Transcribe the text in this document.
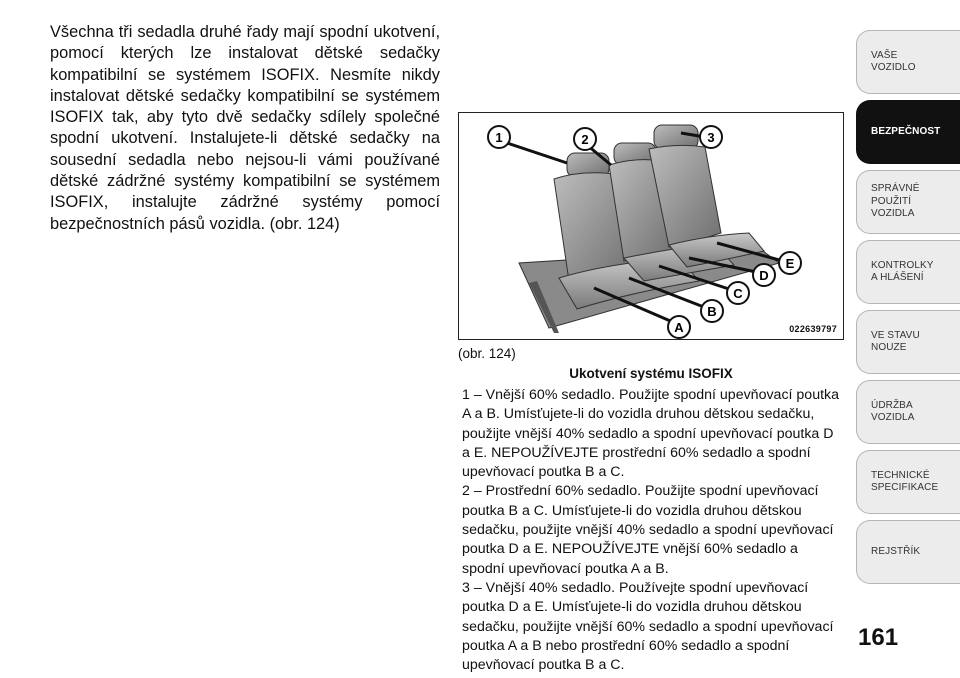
Všechna tři sedadla druhé řady mají spodní ukotvení, pomocí kterých lze instalovat dětské sedačky kompatibilní se systémem ISOFIX. Nesmíte nikdy instalovat dětské sedačky kompatibilní se systémem ISOFIX tak, aby tyto dvě sedačky sdílely společné spodní ukotvení. Instalujete-li dětské sedačky na sousední sedadla nebo nejsou-li vámi používané dětské zádržné systémy kompatibilní se systémem ISOFIX, instalujte zádržné systémy pomocí bezpečnostních pásů vozidla. (obr. 124)

1	2	3
A
B
C
D
E
022639797

(obr. 124)

Ukotvení systému ISOFIX

1 – Vnější 60% sedadlo. Použijte spodní upevňovací poutka A a B. Umísťujete-li do vozidla druhou dětskou sedačku, použijte vnější 40% sedadlo a spodní upevňovací poutka D a E. NEPOUŽÍVEJTE prostřední 60% sedadlo a spodní upevňovací poutka B a C.
2 – Prostřední 60% sedadlo. Použijte spodní upevňovací poutka B a C. Umísťujete-li do vozidla druhou dětskou sedačku, použijte vnější 40% sedadlo a spodní upevňovací poutka D a E. NEPOUŽÍVEJTE vnější 60% sedadlo a spodní upevňovací poutka A a B.
3 – Vnější 40% sedadlo. Používejte spodní upevňovací poutka D a E. Umísťujete-li do vozidla druhou dětskou sedačku, použijte vnější 60% sedadlo a spodní upevňovací poutka A a B nebo prostřední 60% sedadlo a spodní upevňovací poutka B a C.
VAŠE
VOZIDLO
BEZPEČNOST
SPRÁVNÉ
POUŽITÍ
VOZIDLA
KONTROLKY
A HLÁŠENÍ
VE STAVU
NOUZE
ÚDRŽBA
VOZIDLA
TECHNICKÉ
SPECIFIKACE
REJSTŘÍK

161
